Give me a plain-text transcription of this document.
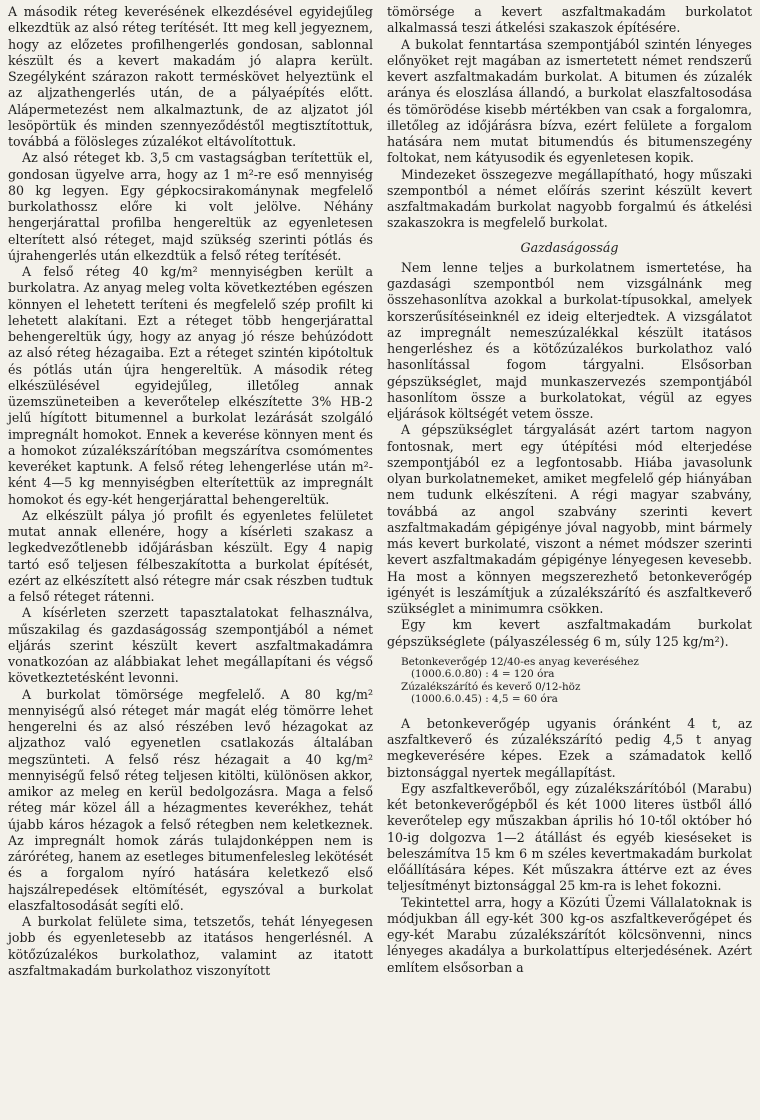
A második réteg keverésének elkezdésével egyidejűleg elkezdtük az alsó réteg terítését. Itt meg kell jegyeznem, hogy az előzetes profilhengerlés gondosan, sablonnal készült és a kevert makadám jó alapra került. Szegélyként szárazon rakott terméskövet helyeztünk el az aljzathengerlés után, de a pályaépítés előtt. Alápermetezést nem alkalmaztunk, de az aljzatot jól lesöpörtük és minden szennyeződéstől megtisztítottuk, továbbá a fölösleges zúzalékot eltávolítottuk.

Az alsó réteget kb. 3,5 cm vastagságban terítettük el, gondosan ügyelve arra, hogy az 1 m²-re eső mennyiség 80 kg legyen. Egy gépkocsirakománynak megfelelő burkolathossz előre ki volt jelölve. Néhány hengerjárattal profilba hengereltük az egyenletesen elterített alsó réteget, majd szükség szerinti pótlás és újrahengerlés után elkezdtük a felső réteg terítését.

A felső réteg 40 kg/m² mennyiségben került a burkolatra. Az anyag meleg volta következtében egészen könnyen el lehetett teríteni és megfelelő szép profilt ki lehetett alakítani. Ezt a réteget több hengerjárattal behengereltük úgy, hogy az anyag jó része behúzódott az alsó réteg hézagaiba. Ezt a réteget szintén kipótoltuk és pótlás után újra hengereltük. A második réteg elkészülésével egyidejűleg, illetőleg annak üzemszüneteiben a keverőtelep elkészítette 3% HB-2 jelű hígított bitumennel a burkolat lezárását szolgáló impregnált homokot. Ennek a keverése könnyen ment és a homokot zúzalékszárítóban megszárítva csomómentes keveréket kaptunk. A felső réteg lehengerlése után m²-ként 4—5 kg mennyiségben elterítettük az impregnált homokot és egy-két hengerjárattal behengereltük.

Az elkészült pálya jó profilt és egyenletes felületet mutat annak ellenére, hogy a kísérleti szakasz a legkedvezőtlenebb időjárásban készült. Egy 4 napig tartó eső teljesen félbeszakította a burkolat építését, ezért az elkészített alsó rétegre már csak részben tudtuk a felső réteget rátenni.

A kísérleten szerzett tapasztalatokat felhasználva, műszakilag és gazdaságosság szempontjából a német eljárás szerint készült kevert aszfaltmakadámra vonatkozóan az alábbiakat lehet megállapítani és végső következtetésként levonni.

A burkolat tömörsége megfelelő. A 80 kg/m² mennyiségű alsó réteget már magát elég tömörre lehet hengerelni és az alsó részében levő hézagokat az aljzathoz való egyenetlen csatlakozás általában megszünteti. A felső rész hézagait a 40 kg/m² mennyiségű felső réteg teljesen kitölti, különösen akkor, amikor az meleg en kerül bedolgozásra. Maga a felső réteg már közel áll a hézagmentes keverékhez, tehát újabb káros hézagok a felső rétegben nem keletkeznek. Az impregnált homok zárás tulajdonképpen nem is záróréteg, hanem az esetleges bitumenfelesleg lekötését és a forgalom nyíró hatására keletkező első hajszálrepedések eltömítését, egyszóval a burkolat elaszfaltosodását segíti elő.

A burkolat felülete sima, tetszetős, tehát lényegesen jobb és egyenletesebb az itatásos hengerlésnél. A kötőzúzalékos burkolathoz, valamint az itatott aszfaltmakadám burkolathoz viszonyított

tömörsége a kevert aszfaltmakadám burkolatot alkalmassá teszi átkelési szakaszok építésére.

A bukolat fenntartása szempontjából szintén lényeges előnyöket rejt magában az ismertetett német rendszerű kevert aszfaltmakadám burkolat. A bitumen és zúzalék aránya és eloszlása állandó, a burkolat elaszfaltosodása és tömörödése kisebb mértékben van csak a forgalomra, illetőleg az időjárásra bízva, ezért felülete a forgalom hatására nem mutat bitumendús és bitumenszegény foltokat, nem kátyusodik és egyenletesen kopik.

Mindezeket összegezve megállapítható, hogy műszaki szempontból a német előírás szerint készült kevert aszfaltmakadám burkolat nagyobb forgalmú és átkelési szakaszokra is megfelelő burkolat.

Gazdaságosság

Nem lenne teljes a burkolatnem ismertetése, ha gazdasági szempontból nem vizsgálnánk meg összehasonlítva azokkal a burkolat-típusokkal, amelyek korszerűsítéseinknél ez ideig elterjedtek. A vizsgálatot az impregnált nemeszúzalékkal készült itatásos hengerléshez és a kötőzúzalékos burkolathoz való hasonlítással fogom tárgyalni. Elsősorban gépszükséglet, majd munkaszervezés szempontjából hasonlítom össze a burkolatokat, végül az egyes eljárások költségét vetem össze.

A gépszükséglet tárgyalását azért tartom nagyon fontosnak, mert egy útépítési mód elterjedése szempontjából ez a legfontosabb. Hiába javasolunk olyan burkolatnemeket, amiket megfelelő gép hiányában nem tudunk elkészíteni. A régi magyar szabvány, továbbá az angol szabvány szerinti kevert aszfaltmakadám gépigénye jóval nagyobb, mint bármely más kevert burkolaté, viszont a német módszer szerinti kevert aszfaltmakadám gépigénye lényegesen kevesebb. Ha most a könnyen megszerezhető betonkeverőgép igényét is leszámítjuk a zúzalékszárító és aszfaltkeverő szükséglet a minimumra csökken.

Egy km kevert aszfaltmakadám burkolat gépszükséglete (pályaszélesség 6 m, súly 125 kg/m²).

Betonkeverőgép 12/40-es anyag keveréséhez
(1000.6.0.80) : 4 = 120 óra
Zúzalékszárító és keverő 0/12-höz
(1000.6.0.45) : 4,5 = 60 óra

A betonkeverőgép ugyanis óránként 4 t, az aszfaltkeverő és zúzalékszárító pedig 4,5 t anyag megkeverésére képes. Ezek a számadatok kellő biztonsággal nyertek megállapítást.

Egy aszfaltkeverőből, egy zúzalékszárítóból (Marabu) két betonkeverőgépből és két 1000 literes üstből álló keverőtelep egy műszakban április hó 10-től október hó 10-ig dolgozva 1—2 átállást és egyéb kieséseket is beleszámítva 15 km 6 m széles kevertmakadám burkolat előállítására képes. Két műszakra áttérve ezt az éves teljesítményt biztonsággal 25 km-ra is lehet fokozni.

Tekintettel arra, hogy a Közúti Üzemi Vállalatoknak is módjukban áll egy-két 300 kg-os aszfaltkeverőgépet és egy-két Marabu zúzalékszárítót kölcsönvenni, nincs lényeges akadálya a burkolattípus elterjedésének. Azért említem elsősorban a
